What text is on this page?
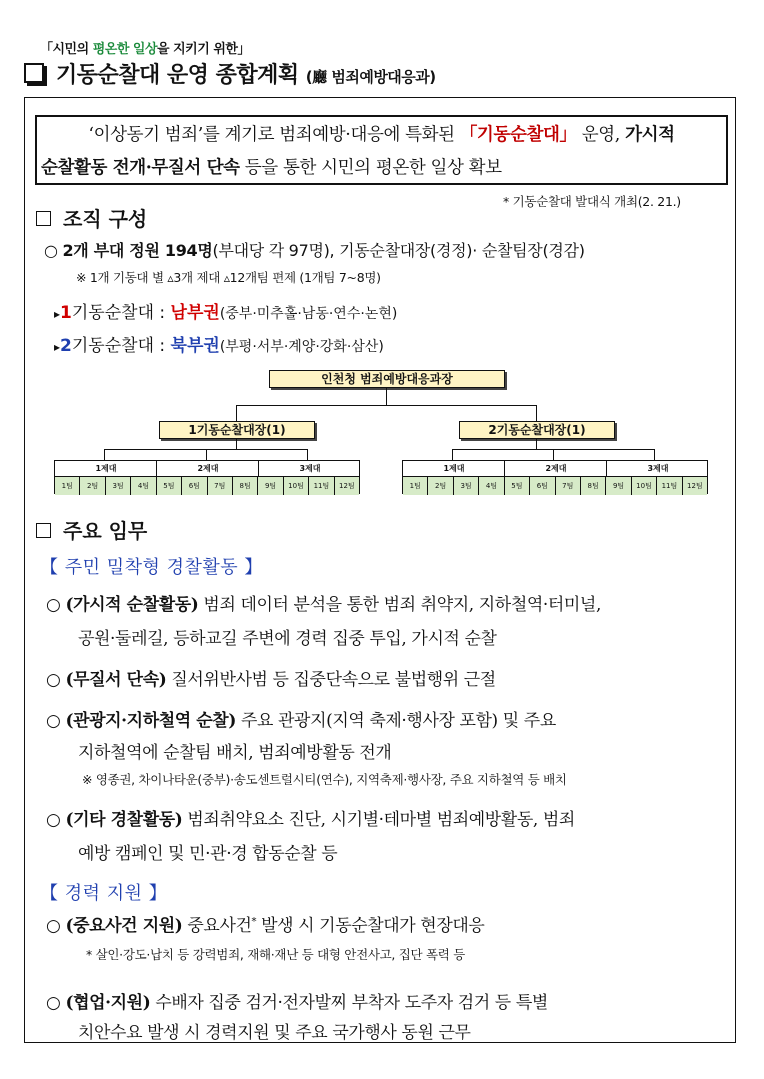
「시민의 평온한 일상을 지키기 위한」
기동순찰대 운영 종합계획 (廳 범죄예방대응과)
‘이상동기 범죄’를 계기로 범죄예방·대응에 특화된 「기동순찰대」 운영, 가시적
순찰활동 전개·무질서 단속 등을 통한 시민의 평온한 일상 확보
* 기동순찰대 발대식 개최(2. 21.)
조직 구성
○ 2개 부대 정원 194명(부대당 각 97명), 기동순찰대장(경정)· 순찰팀장(경감)
※ 1개 기동대 별 ▵3개 제대 ▵12개팀 편제 (1개팀 7~8명)
▸1기동순찰대 : 남부권(중부·미추홀·남동·연수·논현)
▸2기동순찰대 : 북부권(부평·서부·계양·강화·삼산)
인천청 범죄예방대응과장
1기동순찰대장(1)	2기동순찰대장(1)
1제대	2제대	3제대
1팀	2팀	3팀	4팀	5팀	6팀	7팀	8팀	9팀	10팀	11팀	12팀
1제대	2제대	3제대
1팀	2팀	3팀	4팀	5팀	6팀	7팀	8팀	9팀	10팀	11팀	12팀
주요 임무
【 주민 밀착형 경찰활동 】
○ (가시적 순찰활동) 범죄 데이터 분석을 통한 범죄 취약지, 지하철역·터미널,
공원·둘레길, 등하교길 주변에 경력 집중 투입, 가시적 순찰
○ (무질서 단속) 질서위반사범 등 집중단속으로 불법행위 근절
○ (관광지·지하철역 순찰) 주요 관광지(지역 축제·행사장 포함) 및 주요
지하철역에 순찰팀 배치, 범죄예방활동 전개
※ 영종권, 차이나타운(중부)·송도센트럴시티(연수), 지역축제·행사장, 주요 지하철역 등 배치
○ (기타 경찰활동) 범죄취약요소 진단, 시기별·테마별 범죄예방활동, 범죄
예방 캠페인 및 민·관·경 합동순찰 등
【 경력 지원 】
○ (중요사건 지원) 중요사건* 발생 시 기동순찰대가 현장대응
* 살인·강도·납치 등 강력범죄, 재해·재난 등 대형 안전사고, 집단 폭력 등
○ (협업·지원) 수배자 집중 검거·전자발찌 부착자 도주자 검거 등 특별
치안수요 발생 시 경력지원 및 주요 국가행사 동원 근무
